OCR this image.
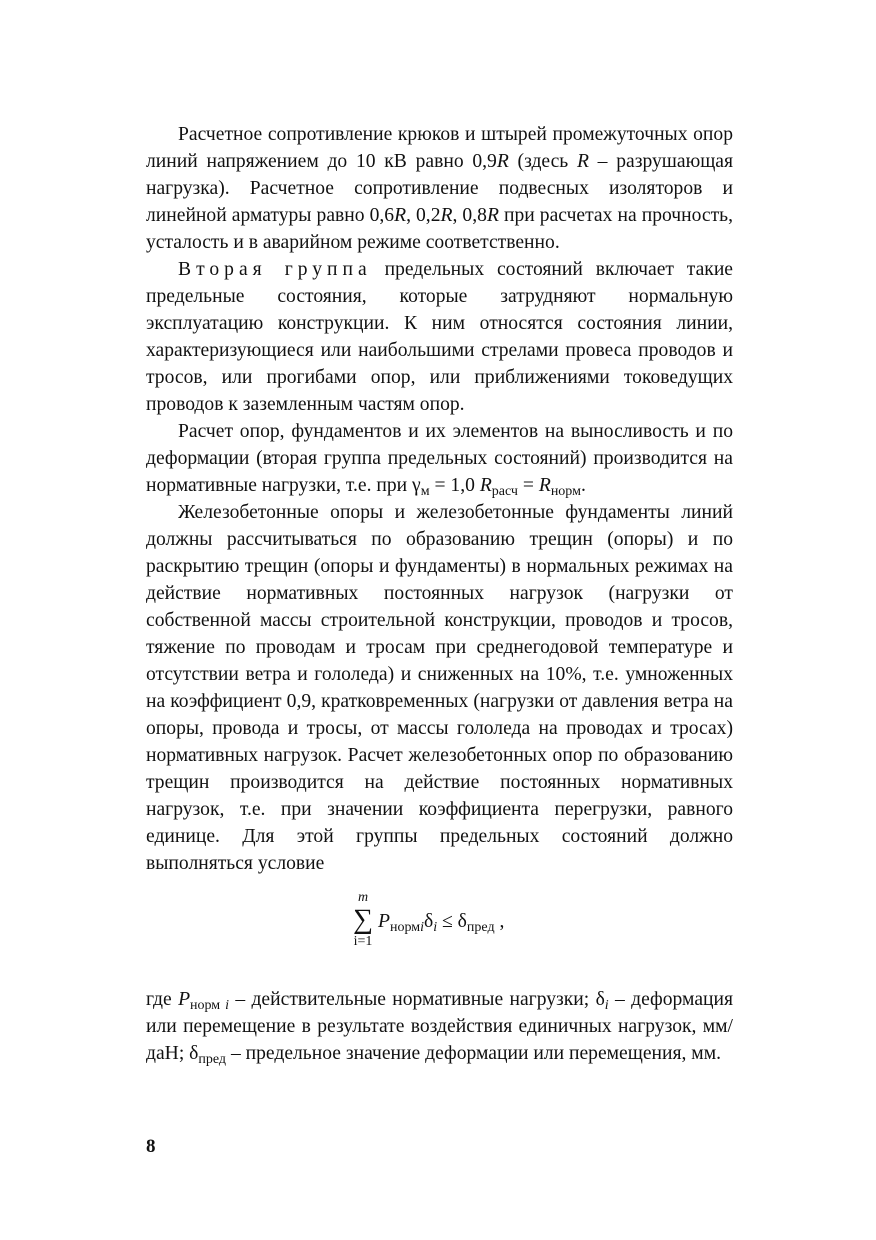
Расчетное сопротивление крюков и штырей промежуточных опор линий напряжением до 10 кВ равно 0,9R (здесь R – разрушающая нагрузка). Расчетное сопротивление подвесных изоляторов и линейной арматуры равно 0,6R, 0,2R, 0,8R при расчетах на прочность, усталость и в аварийном режиме соответственно.

Вторая группа предельных состояний включает такие предельные состояния, которые затрудняют нормальную эксплуатацию конструкции. К ним относятся состояния линии, характеризующиеся или наибольшими стрелами провеса проводов и тросов, или прогибами опор, или приближениями токоведущих проводов к заземленным частям опор.

Расчет опор, фундаментов и их элементов на выносливость и по деформации (вторая группа предельных состояний) производится на нормативные нагрузки, т.е. при $\gamma_м = 1,0$ $R_{расч} = R_{норм}$.

Железобетонные опоры и железобетонные фундаменты линий должны рассчитываться по образованию трещин (опоры) и по раскрытию трещин (опоры и фундаменты) в нормальных режимах на действие нормативных постоянных нагрузок (нагрузки от собственной массы строительной конструкции, проводов и тросов, тяжение по проводам и тросам при среднегодовой температуре и отсутствии ветра и гололеда) и сниженных на 10%, т.е. умноженных на коэффициент 0,9, кратковременных (нагрузки от давления ветра на опоры, провода и тросы, от массы гололеда на проводах и тросах) нормативных нагрузок. Расчет железобетонных опор по образованию трещин производится на действие постоянных нормативных нагрузок, т.е. при значении коэффициента перегрузки, равного единице. Для этой группы предельных состояний должно выполняться условие

m
∑
i=1
$P_{нормi}\delta_i \le \delta_{пред}$ ,

где $P_{норм i}$ – действительные нормативные нагрузки; $\delta_i$ – деформация или перемещение в результате воздействия единичных нагрузок, мм/даН; $\delta_{пред}$ – предельное значение деформации или перемещения, мм.

8
